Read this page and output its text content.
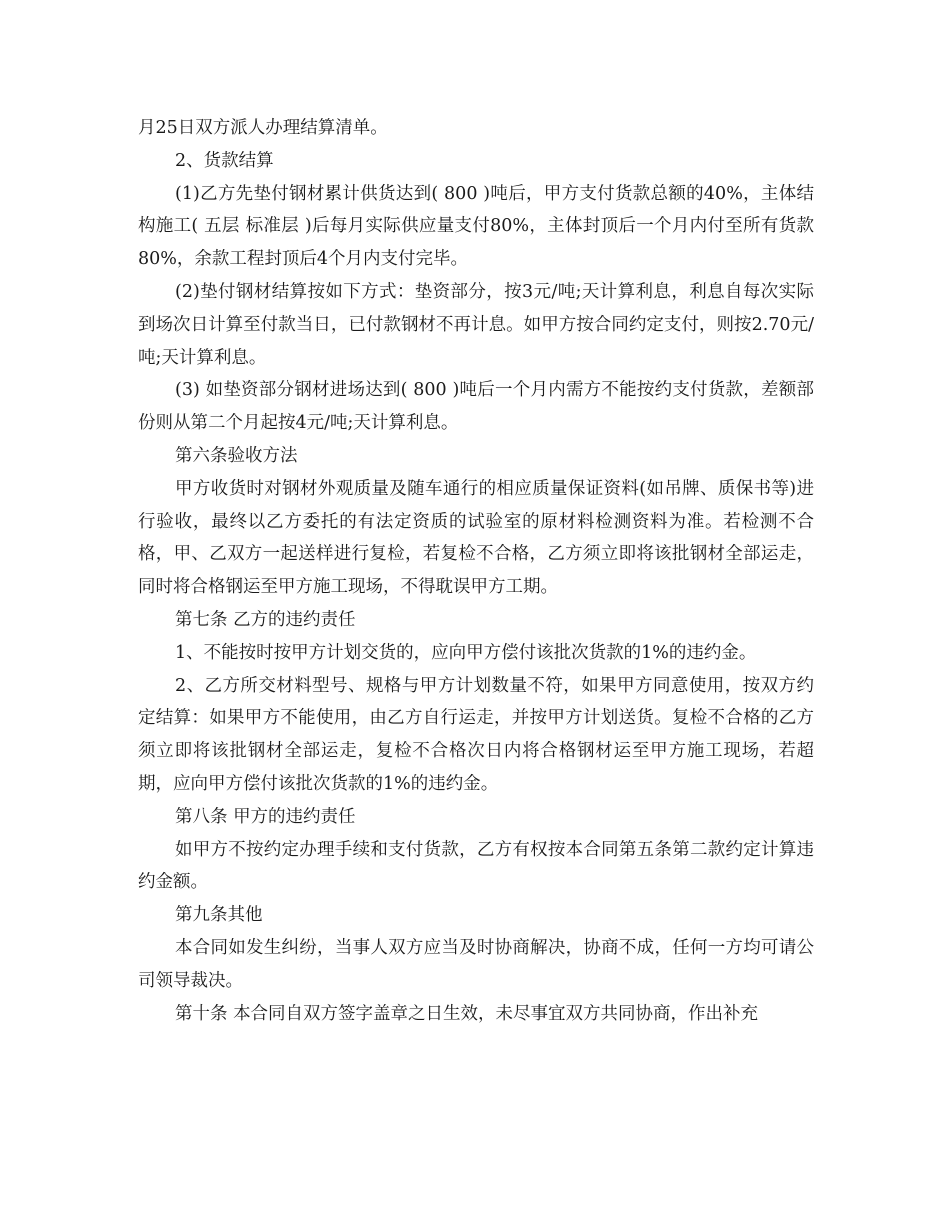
月25日双方派人办理结算清单。

2、货款结算

(1)乙方先垫付钢材累计供货达到( 800 )吨后，甲方支付货款总额的40%，主体结构施工( 五层 标准层 )后每月实际供应量支付80%，主体封顶后一个月内付至所有货款80%，余款工程封顶后4个月内支付完毕。

(2)垫付钢材结算按如下方式：垫资部分，按3元/吨;天计算利息，利息自每次实际到场次日计算至付款当日，已付款钢材不再计息。如甲方按合同约定支付，则按2.70元/吨;天计算利息。

(3) 如垫资部分钢材进场达到( 800 )吨后一个月内需方不能按约支付货款，差额部份则从第二个月起按4元/吨;天计算利息。

第六条验收方法

甲方收货时对钢材外观质量及随车通行的相应质量保证资料(如吊牌、质保书等)进行验收，最终以乙方委托的有法定资质的试验室的原材料检测资料为准。若检测不合格，甲、乙双方一起送样进行复检，若复检不合格，乙方须立即将该批钢材全部运走，同时将合格钢运至甲方施工现场，不得耽误甲方工期。

第七条 乙方的违约责任

1、不能按时按甲方计划交货的，应向甲方偿付该批次货款的1%的违约金。

2、乙方所交材料型号、规格与甲方计划数量不符，如果甲方同意使用，按双方约定结算：如果甲方不能使用，由乙方自行运走，并按甲方计划送货。复检不合格的乙方须立即将该批钢材全部运走，复检不合格次日内将合格钢材运至甲方施工现场，若超期，应向甲方偿付该批次货款的1%的违约金。

第八条 甲方的违约责任

如甲方不按约定办理手续和支付货款，乙方有权按本合同第五条第二款约定计算违约金额。

第九条其他

本合同如发生纠纷，当事人双方应当及时协商解决，协商不成，任何一方均可请公司领导裁决。

第十条 本合同自双方签字盖章之日生效，未尽事宜双方共同协商，作出补充
